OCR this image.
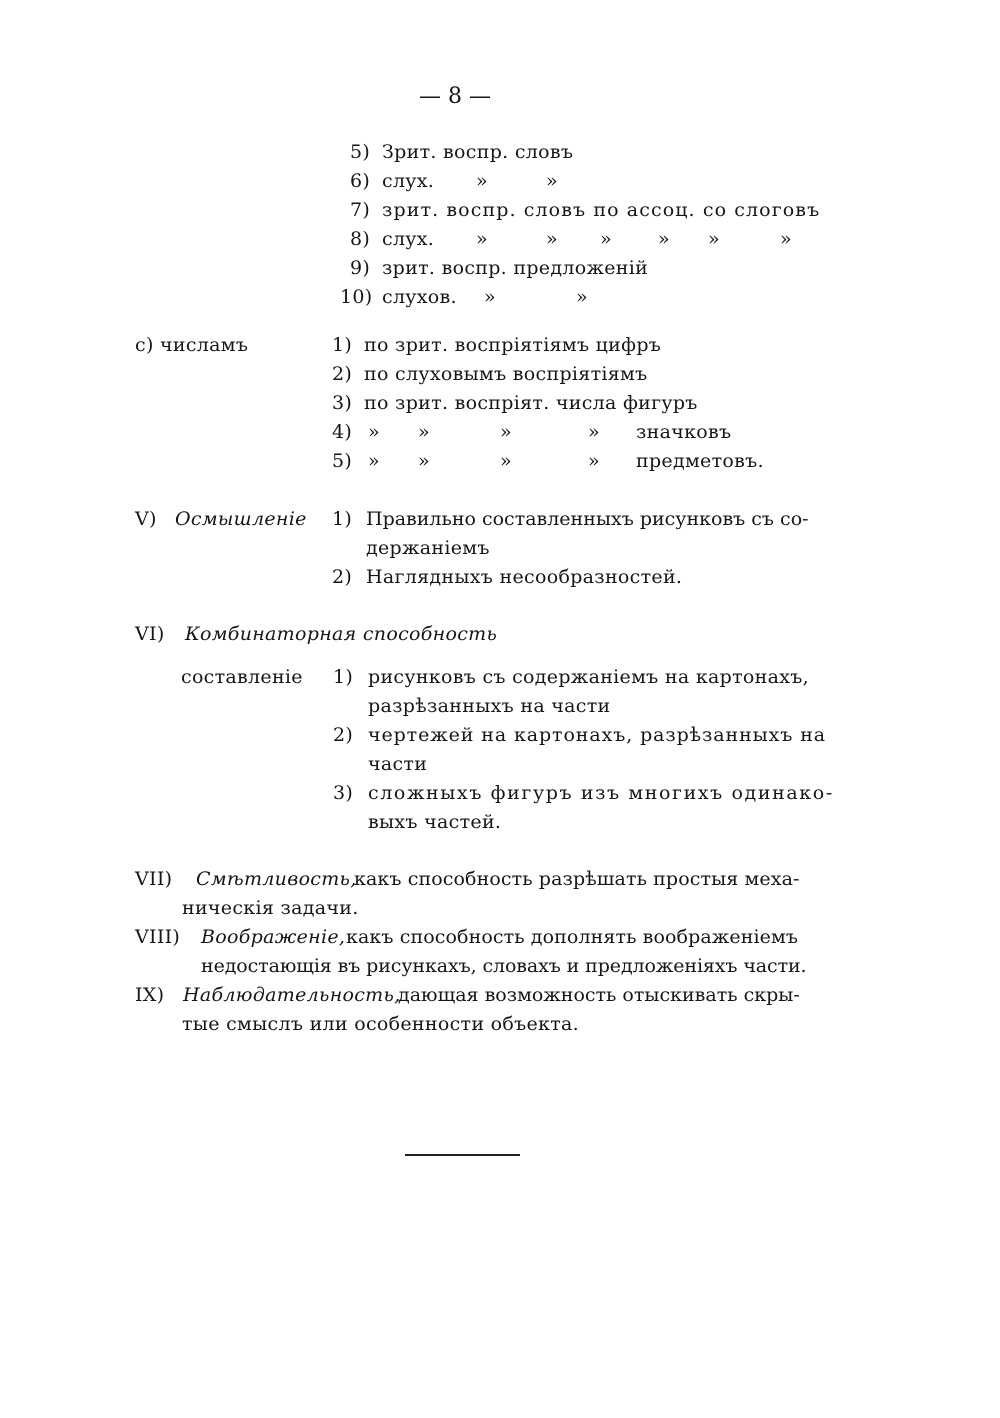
— 8 —
5) Зрит. воспр. словъ
6) слух. »	»
7) зрит. воспр. словъ по ассоц. со слоговъ
8) слух. »	» » » »	»
9) зрит. воспр. предложеній
10) слухов. »	»
с) числамъ	1) по зрит. воспріятіямъ цифръ
2) по слуховымъ воспріятіямъ
3) по зрит. воспріят. числа фигуръ
4) » »	»	» значковъ
5) » »	»	» предметовъ.
V) Осмышленіе 1) Правильно составленныхъ рисунковъ съ со-
держаніемъ
2) Наглядныхъ несообразностей.
VI) Комбинаторная способность
составленіе 1) рисунковъ съ содержаніемъ на картонахъ,
разрѣзанныхъ на части
2) чертежей на картонахъ, разрѣзанныхъ на
части
3) сложныхъ фигуръ изъ многихъ одинако-
выхъ частей.
VII) Смѣтливость,
какъ способность разрѣшать простыя меха-
ническія задачи.
VIII) Воображеніе, какъ способность дополнять воображеніемъ
недостающія въ рисункахъ, словахъ и предложеніяхъ части.
IX) Наблюдательность,
дающая возможность отыскивать скры-
тые смыслъ или особенности объекта.
